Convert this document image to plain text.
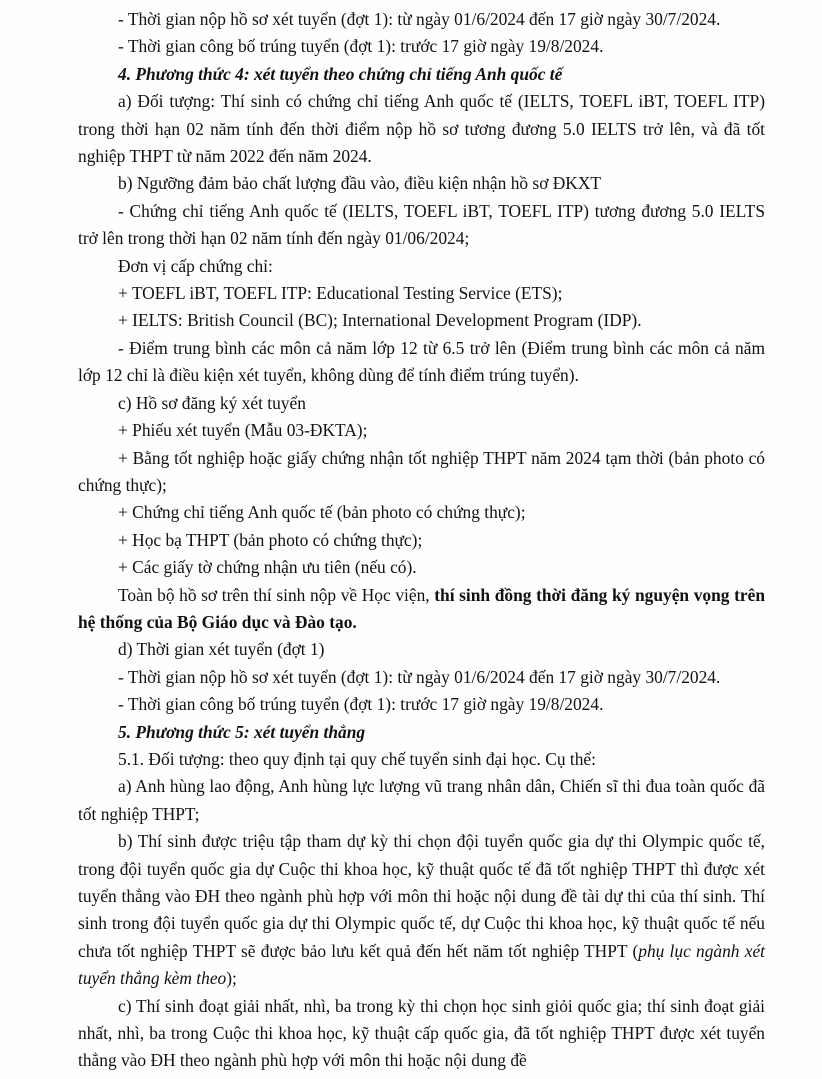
- Thời gian nộp hồ sơ xét tuyển (đợt 1): từ ngày 01/6/2024 đến 17 giờ ngày 30/7/2024.

- Thời gian công bố trúng tuyển (đợt 1): trước 17 giờ ngày 19/8/2024.

4. Phương thức 4: xét tuyển theo chứng chỉ tiếng Anh quốc tế

a) Đối tượng: Thí sinh có chứng chỉ tiếng Anh quốc tế (IELTS, TOEFL iBT, TOEFL ITP) trong thời hạn 02 năm tính đến thời điểm nộp hồ sơ tương đương 5.0 IELTS trở lên, và đã tốt nghiệp THPT từ năm 2022 đến năm 2024.

b) Ngưỡng đảm bảo chất lượng đầu vào, điều kiện nhận hồ sơ ĐKXT

- Chứng chỉ tiếng Anh quốc tế (IELTS, TOEFL iBT, TOEFL ITP) tương đương 5.0 IELTS trở lên trong thời hạn 02 năm tính đến ngày 01/06/2024;

Đơn vị cấp chứng chỉ:

+ TOEFL iBT, TOEFL ITP: Educational Testing Service (ETS);

+ IELTS: British Council (BC); International Development Program (IDP).

- Điểm trung bình các môn cả năm lớp 12 từ 6.5 trở lên (Điểm trung bình các môn cả năm lớp 12 chỉ là điều kiện xét tuyển, không dùng để tính điểm trúng tuyển).

c) Hồ sơ đăng ký xét tuyển

+ Phiếu xét tuyển (Mẫu 03-ĐKTA);

+ Bằng tốt nghiệp hoặc giấy chứng nhận tốt nghiệp THPT năm 2024 tạm thời (bản photo có chứng thực);

+ Chứng chỉ tiếng Anh quốc tế (bản photo có chứng thực);

+ Học bạ THPT (bản photo có chứng thực);

+ Các giấy tờ chứng nhận ưu tiên (nếu có).

Toàn bộ hồ sơ trên thí sinh nộp về Học viện, thí sinh đồng thời đăng ký nguyện vọng trên hệ thống của Bộ Giáo dục và Đào tạo.

d) Thời gian xét tuyển (đợt 1)

- Thời gian nộp hồ sơ xét tuyển (đợt 1): từ ngày 01/6/2024 đến 17 giờ ngày 30/7/2024.

- Thời gian công bố trúng tuyển (đợt 1): trước 17 giờ ngày 19/8/2024.

5. Phương thức 5: xét tuyển thẳng

5.1. Đối tượng: theo quy định tại quy chế tuyển sinh đại học. Cụ thể:

a) Anh hùng lao động, Anh hùng lực lượng vũ trang nhân dân, Chiến sĩ thi đua toàn quốc đã tốt nghiệp THPT;

b) Thí sinh được triệu tập tham dự kỳ thi chọn đội tuyển quốc gia dự thi Olympic quốc tế, trong đội tuyển quốc gia dự Cuộc thi khoa học, kỹ thuật quốc tế đã tốt nghiệp THPT thì được xét tuyển thẳng vào ĐH theo ngành phù hợp với môn thi hoặc nội dung đề tài dự thi của thí sinh. Thí sinh trong đội tuyển quốc gia dự thi Olympic quốc tế, dự Cuộc thi khoa học, kỹ thuật quốc tế nếu chưa tốt nghiệp THPT sẽ được bảo lưu kết quả đến hết năm tốt nghiệp THPT (phụ lục ngành xét tuyển thẳng kèm theo);

c) Thí sinh đoạt giải nhất, nhì, ba trong kỳ thi chọn học sinh giỏi quốc gia; thí sinh đoạt giải nhất, nhì, ba trong Cuộc thi khoa học, kỹ thuật cấp quốc gia, đã tốt nghiệp THPT được xét tuyển thẳng vào ĐH theo ngành phù hợp với môn thi hoặc nội dung đề
